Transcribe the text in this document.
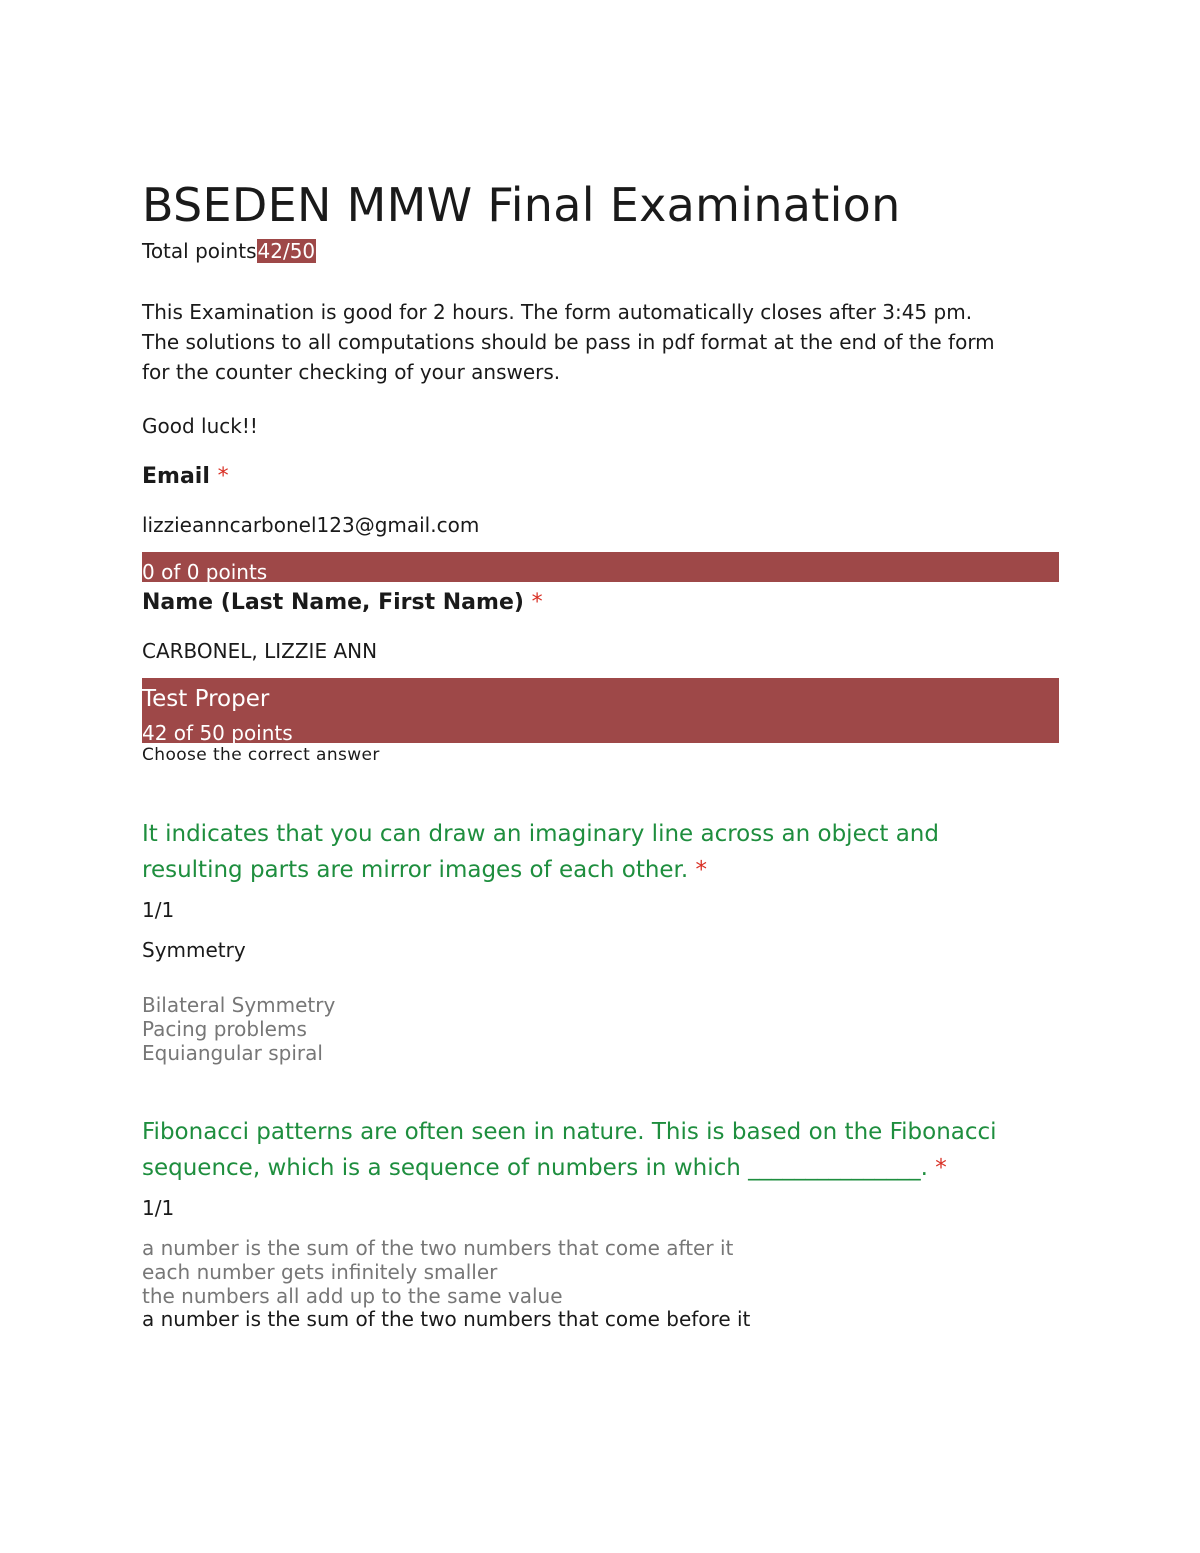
BSEDEN MMW Final Examination
Total points42/50
This Examination is good for 2 hours. The form automatically closes after 3:45 pm.
The solutions to all computations should be pass in pdf format at the end of the form
for the counter checking of your answers.
Good luck!!
Email *
lizzieanncarbonel123@gmail.com
0 of 0 points
Name (Last Name, First Name) *
CARBONEL, LIZZIE ANN
Test Proper
42 of 50 points
Choose the correct answer
It indicates that you can draw an imaginary line across an object and
resulting parts are mirror images of each other. *
1/1
Symmetry
Bilateral Symmetry
Pacing problems
Equiangular spiral
Fibonacci patterns are often seen in nature. This is based on the Fibonacci
sequence, which is a sequence of numbers in which _______________. *
1/1
a number is the sum of the two numbers that come after it
each number gets infinitely smaller
the numbers all add up to the same value
a number is the sum of the two numbers that come before it
